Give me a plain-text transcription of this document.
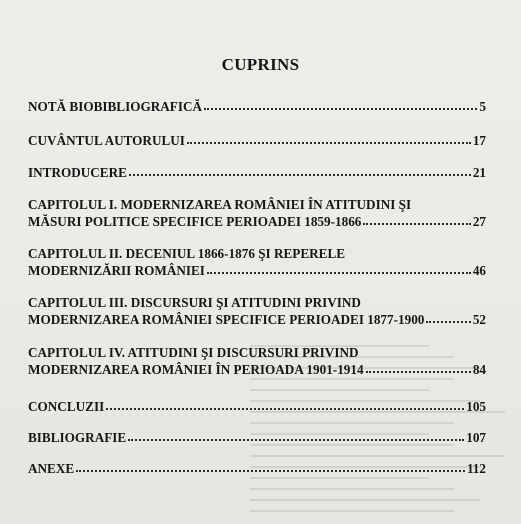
CUPRINS
NOTĂ BIOBIBLIOGRAFICĂ	5
CUVÂNTUL AUTORULUI	17
INTRODUCERE	21
CAPITOLUL I. MODERNIZAREA ROMÂNIEI ÎN ATITUDINI ŞI
MĂSURI POLITICE SPECIFICE PERIOADEI 1859-1866	27
CAPITOLUL II. DECENIUL 1866-1876 ŞI REPERELE
MODERNIZĂRII ROMÂNIEI	46
CAPITOLUL III. DISCURSURI ŞI ATITUDINI PRIVIND
MODERNIZAREA ROMÂNIEI SPECIFICE PERIOADEI 1877-1900	52
CAPITOLUL IV. ATITUDINI ŞI DISCURSURI PRIVIND
MODERNIZAREA ROMÂNIEI ÎN PERIOADA 1901-1914	84
CONCLUZII	105
BIBLIOGRAFIE	107
ANEXE	112
